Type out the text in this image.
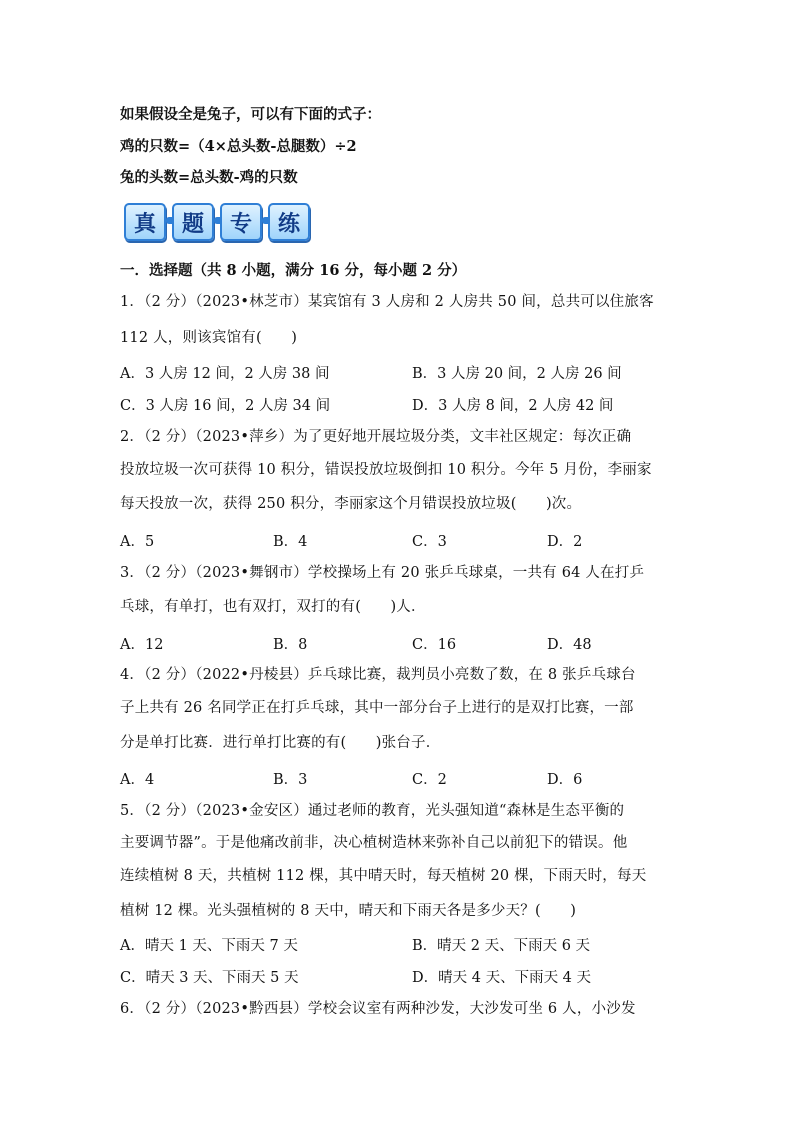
如果假设全是兔子，可以有下面的式子：
鸡的只数=（4×总头数-总腿数）÷2
兔的头数=总头数-鸡的只数
真	题	专	练
一．选择题（共 8 小题，满分 16 分，每小题 2 分）
1．（2 分）（2023•林芝市）某宾馆有 3 人房和 2 人房共 50 间，总共可以住旅客
112 人，则该宾馆有(　　)
A．3 人房 12 间，2 人房 38 间	B．3 人房 20 间，2 人房 26 间
C．3 人房 16 间，2 人房 34 间	D．3 人房 8 间，2 人房 42 间
2．（2 分）（2023•萍乡）为了更好地开展垃圾分类，文丰社区规定：每次正确
投放垃圾一次可获得 10 积分，错误投放垃圾倒扣 10 积分。今年 5 月份，李丽家
每天投放一次，获得 250 积分，李丽家这个月错误投放垃圾(　　)次。
A．5	B．4	C．3	D．2
3．（2 分）（2023•舞钢市）学校操场上有 20 张乒乓球桌，一共有 64 人在打乒
乓球，有单打，也有双打，双打的有(　　)人．
A．12	B．8	C．16	D．48
4．（2 分）（2022•丹棱县）乒乓球比赛，裁判员小亮数了数，在 8 张乒乓球台
子上共有 26 名同学正在打乒乓球，其中一部分台子上进行的是双打比赛，一部
分是单打比赛．进行单打比赛的有(　　)张台子．
A．4	B．3	C．2	D．6
5．（2 分）（2023•金安区）通过老师的教育，光头强知道“森林是生态平衡的
主要调节器”。于是他痛改前非，决心植树造林来弥补自己以前犯下的错误。他
连续植树 8 天，共植树 112 棵，其中晴天时，每天植树 20 棵，下雨天时，每天
植树 12 棵。光头强植树的 8 天中，晴天和下雨天各是多少天？(　　)
A．晴天 1 天、下雨天 7 天	B．晴天 2 天、下雨天 6 天
C．晴天 3 天、下雨天 5 天	D．晴天 4 天、下雨天 4 天
6．（2 分）（2023•黔西县）学校会议室有两种沙发，大沙发可坐 6 人，小沙发
